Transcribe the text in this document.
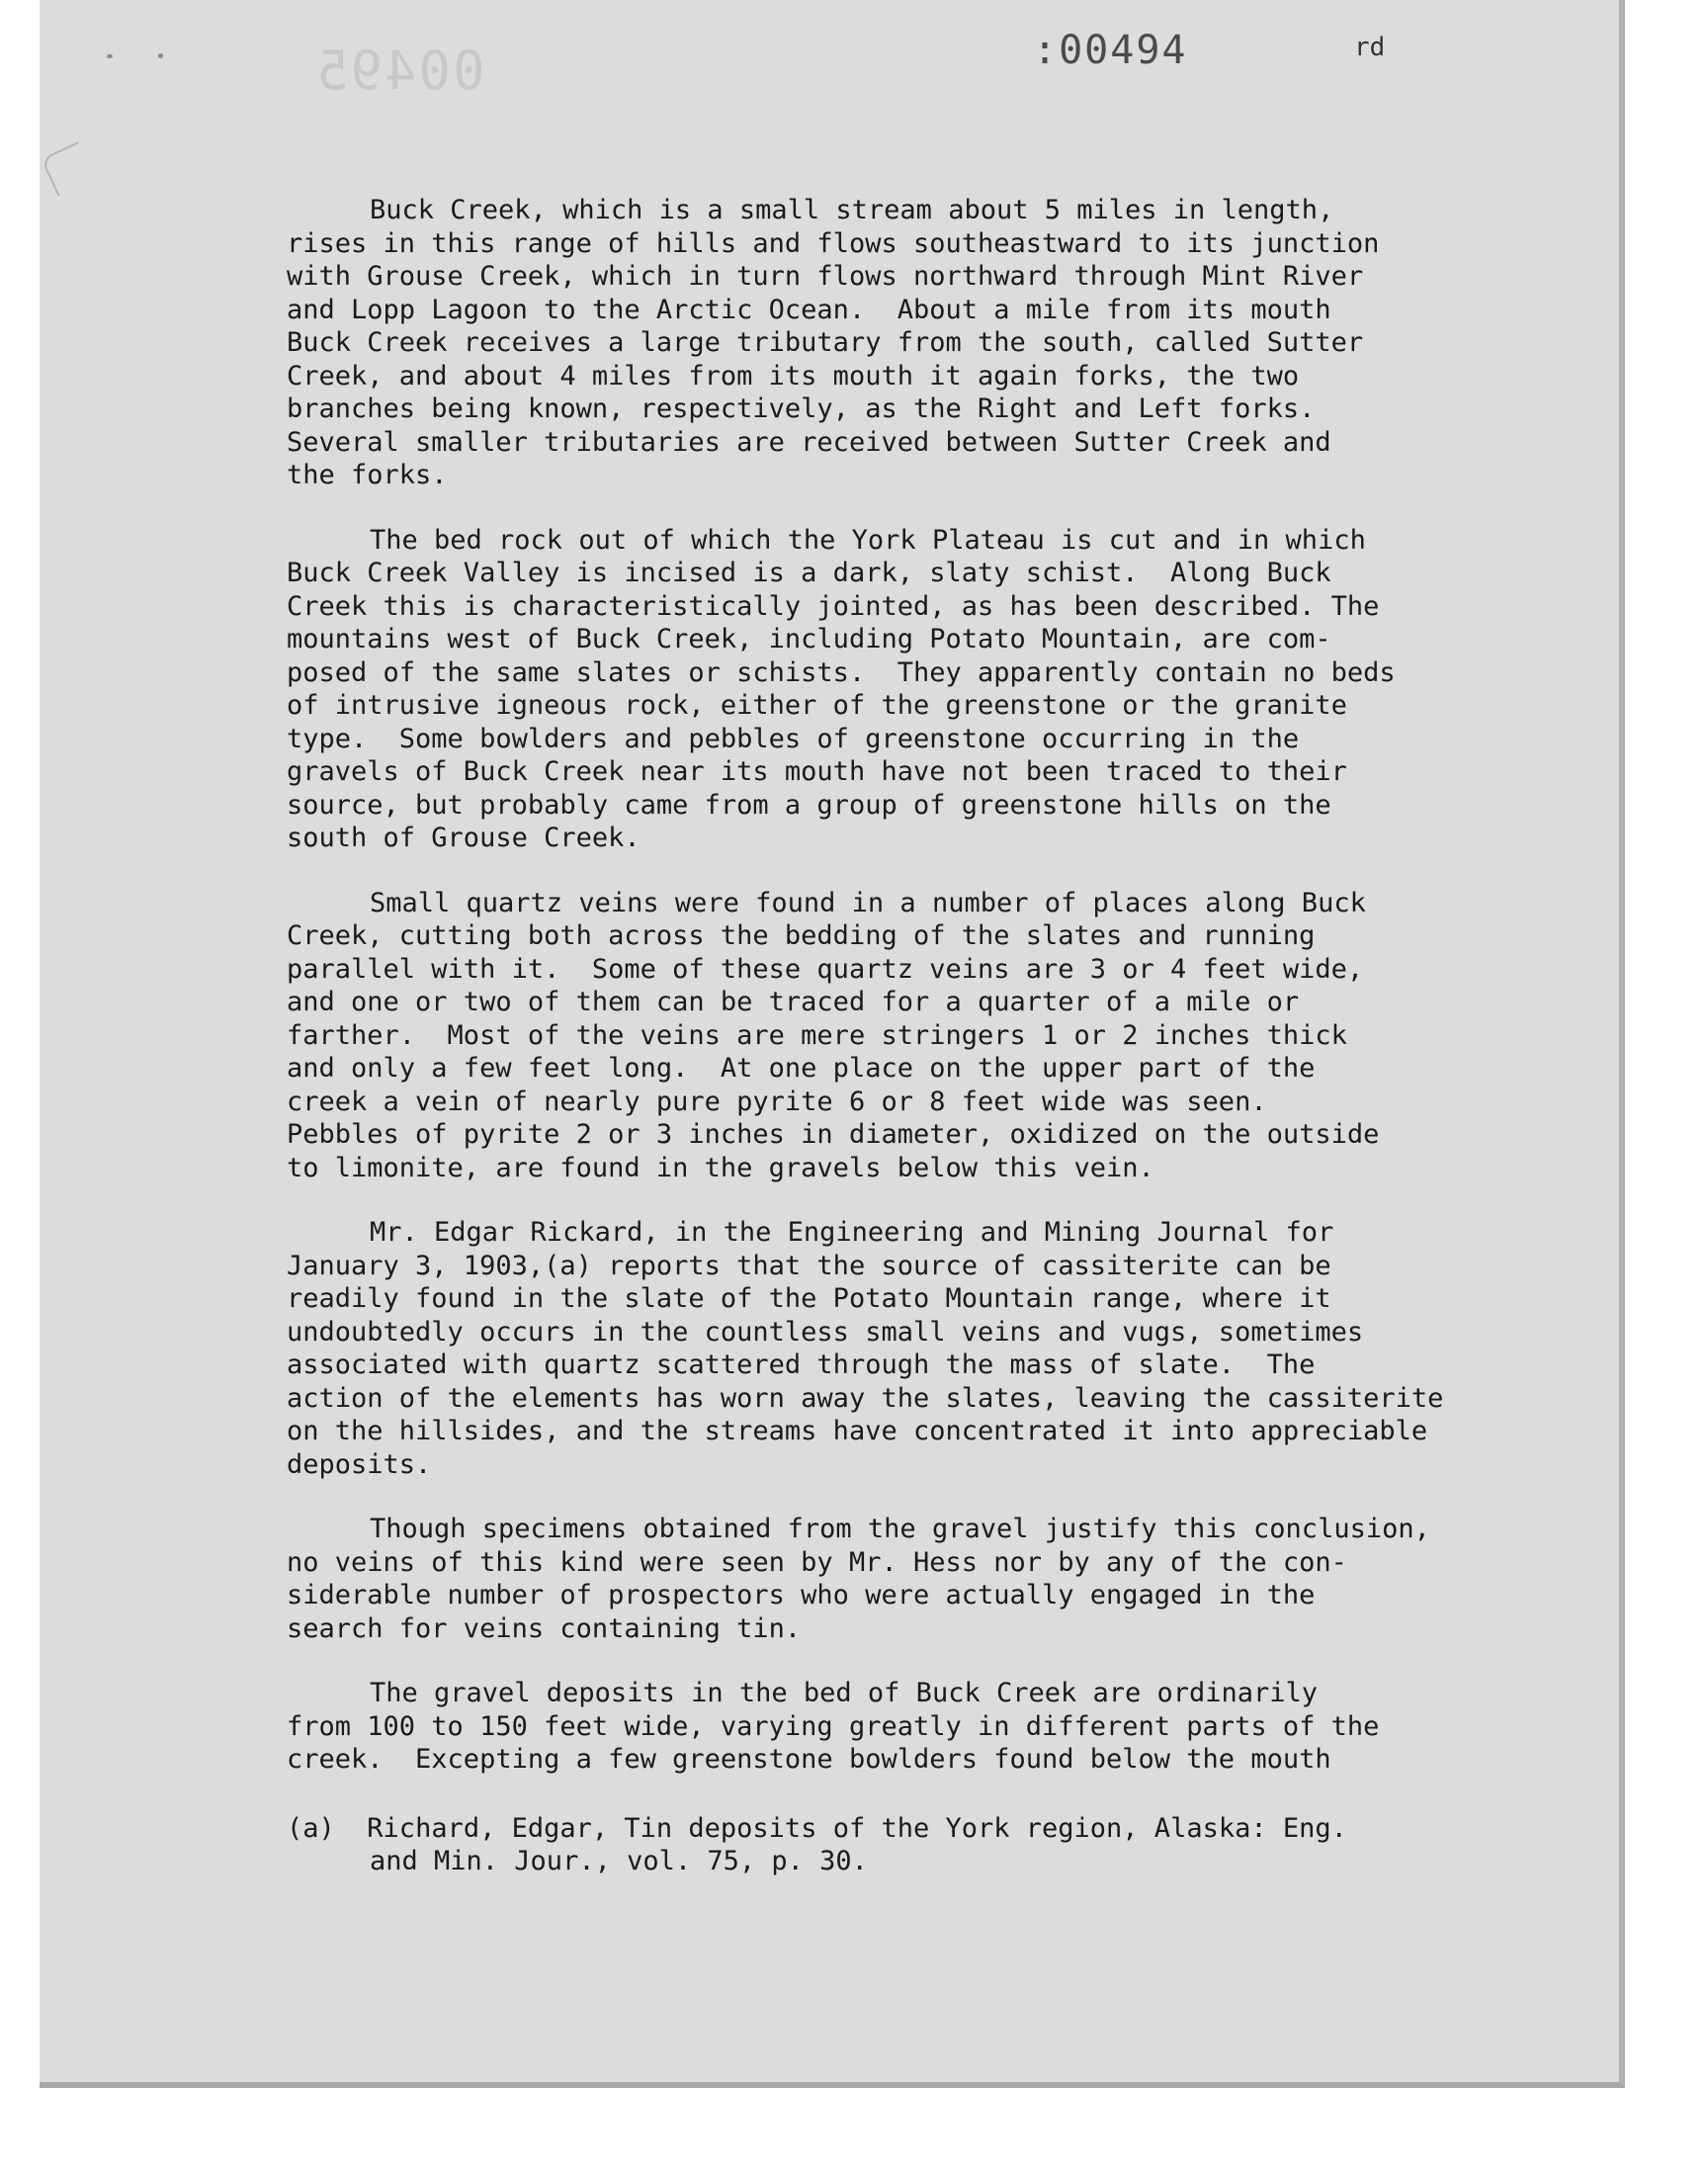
00495	:00494	rd
Buck Creek, which is a small stream about 5 miles in length,
rises in this range of hills and flows southeastward to its junction
with Grouse Creek, which in turn flows northward through Mint River
and Lopp Lagoon to the Arctic Ocean.  About a mile from its mouth
Buck Creek receives a large tributary from the south, called Sutter
Creek, and about 4 miles from its mouth it again forks, the two
branches being known, respectively, as the Right and Left forks.
Several smaller tributaries are received between Sutter Creek and
the forks.
The bed rock out of which the York Plateau is cut and in which
Buck Creek Valley is incised is a dark, slaty schist.  Along Buck
Creek this is characteristically jointed, as has been described. The
mountains west of Buck Creek, including Potato Mountain, are com-
posed of the same slates or schists.  They apparently contain no beds
of intrusive igneous rock, either of the greenstone or the granite
type.  Some bowlders and pebbles of greenstone occurring in the
gravels of Buck Creek near its mouth have not been traced to their
source, but probably came from a group of greenstone hills on the
south of Grouse Creek.
Small quartz veins were found in a number of places along Buck
Creek, cutting both across the bedding of the slates and running
parallel with it.  Some of these quartz veins are 3 or 4 feet wide,
and one or two of them can be traced for a quarter of a mile or
farther.  Most of the veins are mere stringers 1 or 2 inches thick
and only a few feet long.  At one place on the upper part of the
creek a vein of nearly pure pyrite 6 or 8 feet wide was seen.
Pebbles of pyrite 2 or 3 inches in diameter, oxidized on the outside
to limonite, are found in the gravels below this vein.
Mr. Edgar Rickard, in the Engineering and Mining Journal for
January 3, 1903,(a) reports that the source of cassiterite can be
readily found in the slate of the Potato Mountain range, where it
undoubtedly occurs in the countless small veins and vugs, sometimes
associated with quartz scattered through the mass of slate.  The
action of the elements has worn away the slates, leaving the cassiterite
on the hillsides, and the streams have concentrated it into appreciable
deposits.
Though specimens obtained from the gravel justify this conclusion,
no veins of this kind were seen by Mr. Hess nor by any of the con-
siderable number of prospectors who were actually engaged in the
search for veins containing tin.
The gravel deposits in the bed of Buck Creek are ordinarily
from 100 to 150 feet wide, varying greatly in different parts of the
creek.  Excepting a few greenstone bowlders found below the mouth
(a) Richard, Edgar, Tin deposits of the York region, Alaska: Eng.
and Min. Jour., vol. 75, p. 30.
